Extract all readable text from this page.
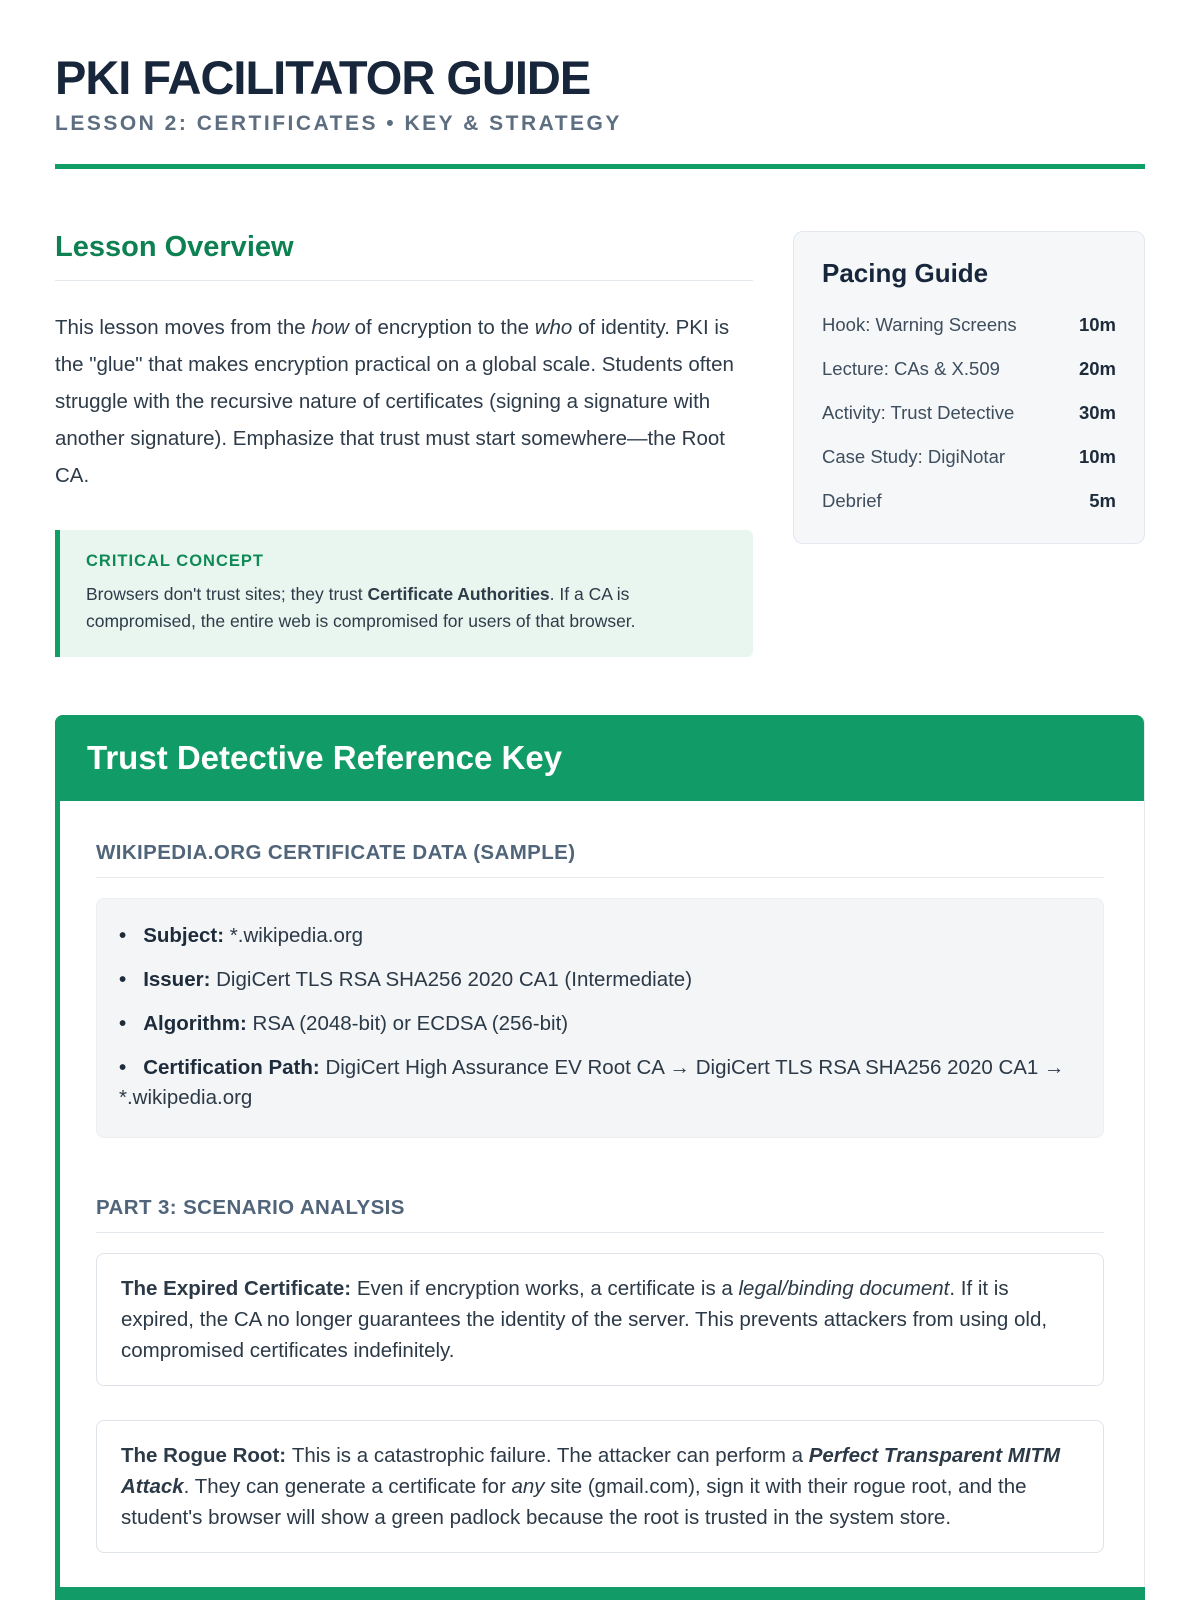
PKI FACILITATOR GUIDE
LESSON 2: CERTIFICATES • KEY & STRATEGY
Lesson Overview

This lesson moves from the how of encryption to the who of identity. PKI is the "glue" that makes encryption practical on a global scale. Students often struggle with the recursive nature of certificates (signing a signature with another signature). Emphasize that trust must start somewhere—the Root CA.

CRITICAL CONCEPT
Browsers don't trust sites; they trust Certificate Authorities. If a CA is compromised, the entire web is compromised for users of that browser.
Pacing Guide
Hook: Warning Screens	10m
Lecture: CAs & X.509	20m
Activity: Trust Detective	30m
Case Study: DigiNotar	10m
Debrief	5m
Trust Detective Reference Key
WIKIPEDIA.ORG CERTIFICATE DATA (SAMPLE)
• Subject: *.wikipedia.org
• Issuer: DigiCert TLS RSA SHA256 2020 CA1 (Intermediate)
• Algorithm: RSA (2048-bit) or ECDSA (256-bit)
• Certification Path: DigiCert High Assurance EV Root CA → DigiCert TLS RSA SHA256 2020 CA1 → *.wikipedia.org
PART 3: SCENARIO ANALYSIS
The Expired Certificate: Even if encryption works, a certificate is a legal/binding document. If it is expired, the CA no longer guarantees the identity of the server. This prevents attackers from using old, compromised certificates indefinitely.
The Rogue Root: This is a catastrophic failure. The attacker can perform a Perfect Transparent MITM Attack. They can generate a certificate for any site (gmail.com), sign it with their rogue root, and the student's browser will show a green padlock because the root is trusted in the system store.
